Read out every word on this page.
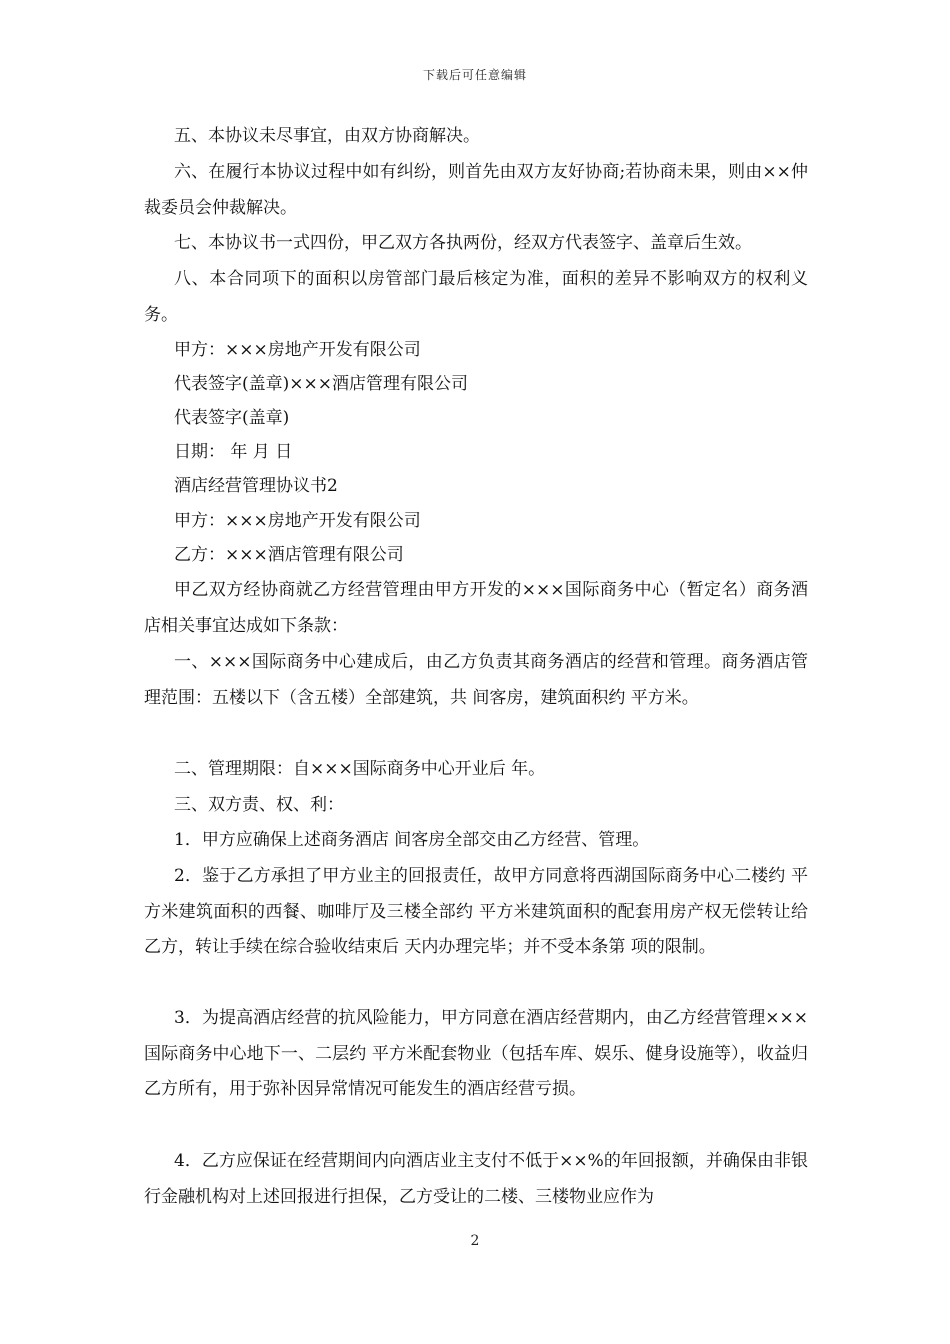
下载后可任意编辑

五、本协议未尽事宜，由双方协商解决。

六、在履行本协议过程中如有纠纷，则首先由双方友好协商;若协商未果，则由××仲裁委员会仲裁解决。

七、本协议书一式四份，甲乙双方各执两份，经双方代表签字、盖章后生效。

八、本合同项下的面积以房管部门最后核定为准，面积的差异不影响双方的权利义务。

甲方：×××房地产开发有限公司

代表签字(盖章)×××酒店管理有限公司

代表签字(盖章)

日期： 年 月 日

酒店经营管理协议书2

甲方：×××房地产开发有限公司

乙方：×××酒店管理有限公司

甲乙双方经协商就乙方经营管理由甲方开发的×××国际商务中心（暂定名）商务酒店相关事宜达成如下条款：

一、×××国际商务中心建成后，由乙方负责其商务酒店的经营和管理。商务酒店管理范围：五楼以下（含五楼）全部建筑，共 间客房，建筑面积约 平方米。

二、管理期限：自×××国际商务中心开业后 年。

三、双方责、权、利：

1．甲方应确保上述商务酒店 间客房全部交由乙方经营、管理。

2．鉴于乙方承担了甲方业主的回报责任，故甲方同意将西湖国际商务中心二楼约 平方米建筑面积的西餐、咖啡厅及三楼全部约 平方米建筑面积的配套用房产权无偿转让给乙方，转让手续在综合验收结束后 天内办理完毕；并不受本条第 项的限制。

3．为提高酒店经营的抗风险能力，甲方同意在酒店经营期内，由乙方经营管理×××国际商务中心地下一、二层约 平方米配套物业（包括车库、娱乐、健身设施等），收益归乙方所有，用于弥补因异常情况可能发生的酒店经营亏损。

4．乙方应保证在经营期间内向酒店业主支付不低于××%的年回报额，并确保由非银行金融机构对上述回报进行担保，乙方受让的二楼、三楼物业应作为

2
